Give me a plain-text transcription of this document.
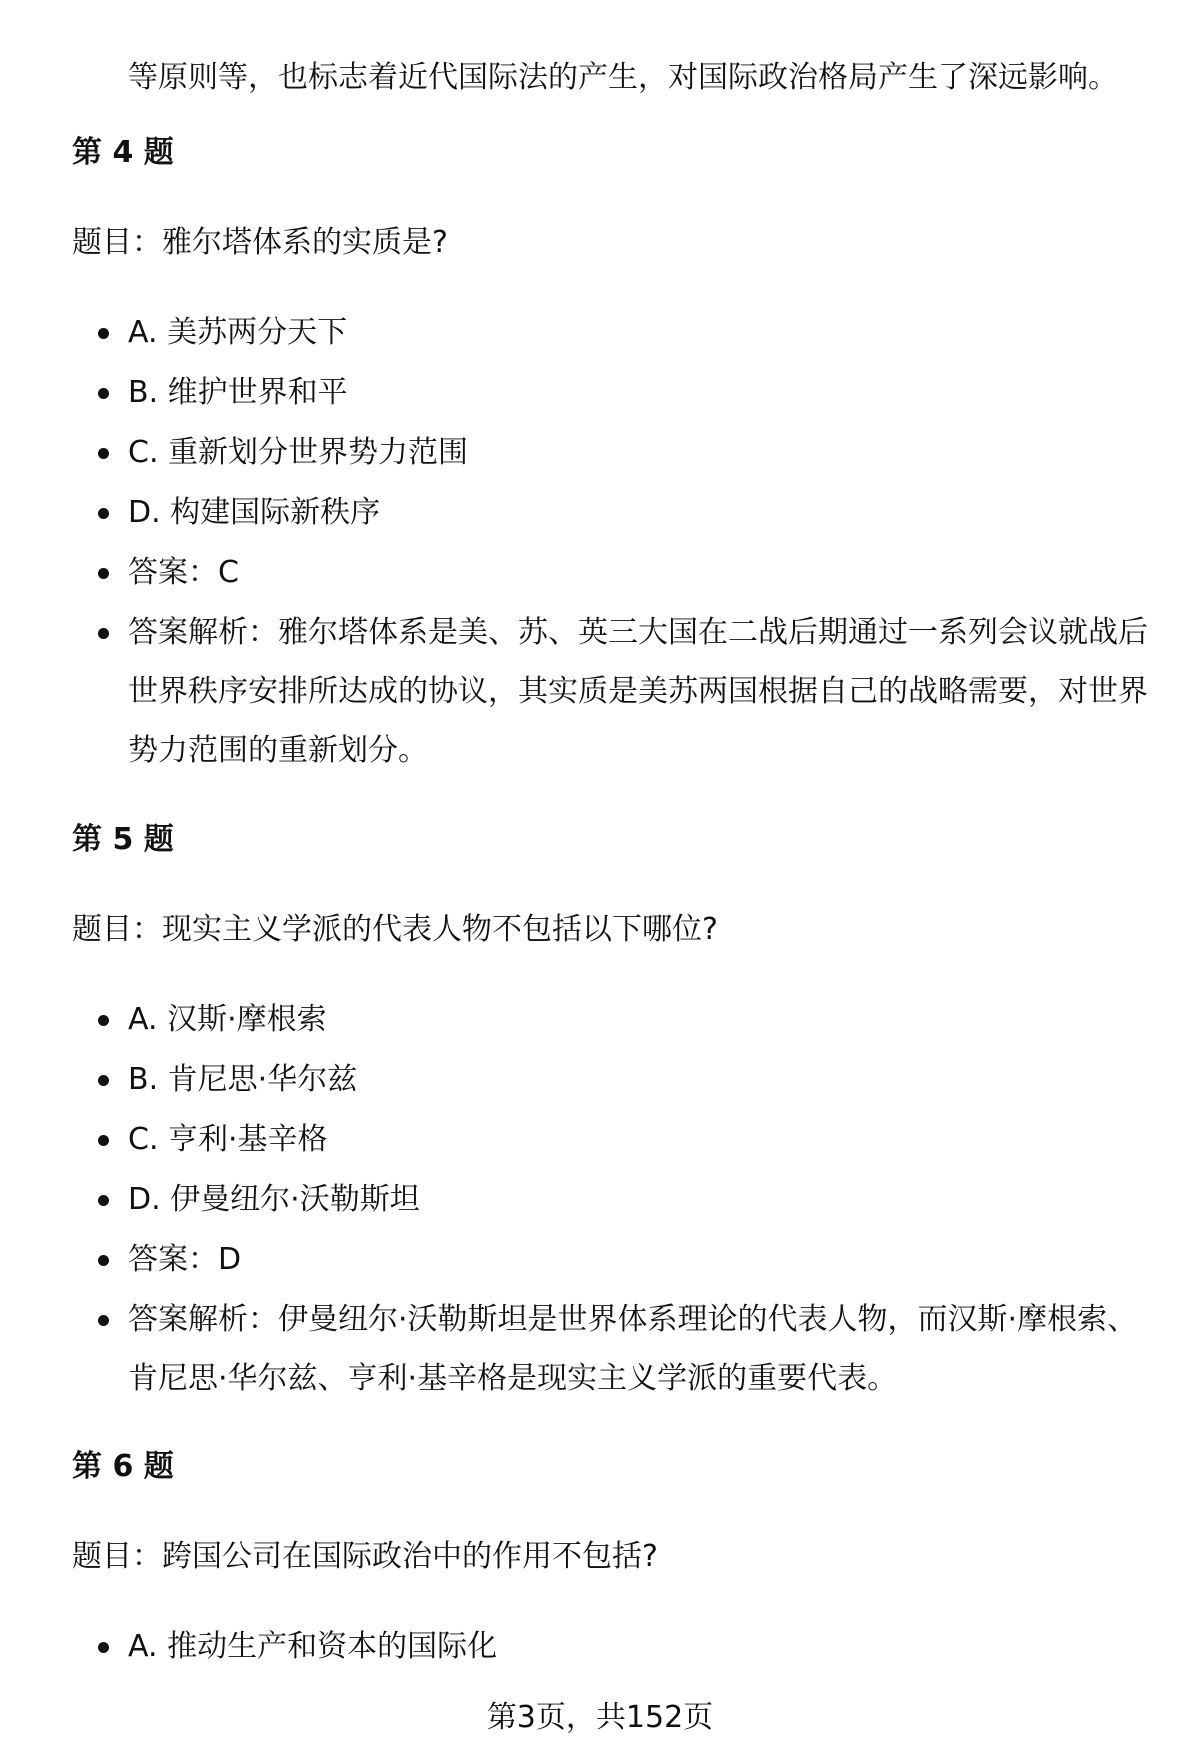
等原则等，也标志着近代国际法的产生，对国际政治格局产生了深远影响。
第 4 题
题目：雅尔塔体系的实质是?
A. 美苏两分天下
B. 维护世界和平
C. 重新划分世界势力范围
D. 构建国际新秩序
答案：C
答案解析：雅尔塔体系是美、苏、英三大国在二战后期通过一系列会议就战后世界秩序安排所达成的协议，其实质是美苏两国根据自己的战略需要，对世界势力范围的重新划分。
第 5 题
题目：现实主义学派的代表人物不包括以下哪位?
A. 汉斯·摩根索
B. 肯尼思·华尔兹
C. 亨利·基辛格
D. 伊曼纽尔·沃勒斯坦
答案：D
答案解析：伊曼纽尔·沃勒斯坦是世界体系理论的代表人物，而汉斯·摩根索、肯尼思·华尔兹、亨利·基辛格是现实主义学派的重要代表。
第 6 题
题目：跨国公司在国际政治中的作用不包括?
A. 推动生产和资本的国际化
第3页，共152页
